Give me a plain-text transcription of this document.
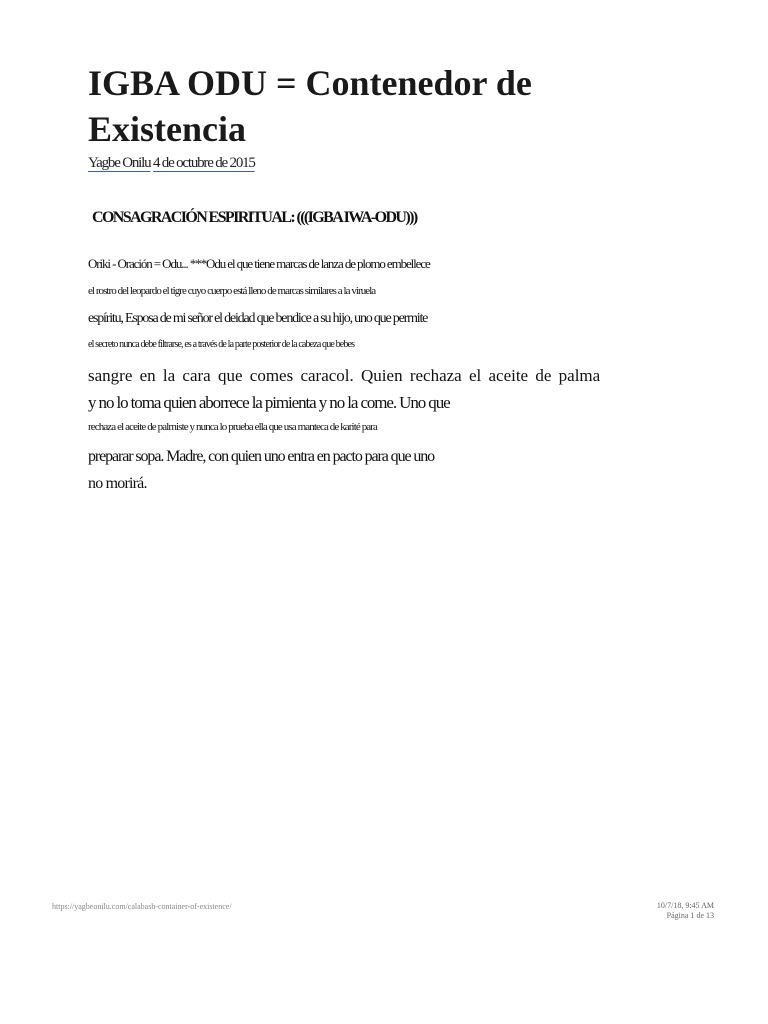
IGBA ODU = Contenedor de Existencia
Yagbe Onilu 4 de octubre de 2015
CONSAGRACIÓN ESPIRITUAL: (((IGBA IWA-ODU)))
Oriki - Oración = Odu... ***Odu el que tiene marcas de lanza de plomo embellece
el rostro del leopardo el tigre cuyo cuerpo está lleno de marcas similares a la viruela
espíritu, Esposa de mi señor el deidad que bendice a su hijo, uno que permite
el secreto nunca debe filtrarse, es a través de la parte posterior de la cabeza que bebes
sangre en la cara que comes caracol. Quien rechaza el aceite de palma
y no lo toma quien aborrece la pimienta y no la come. Uno que
rechaza el aceite de palmiste y nunca lo prueba ella que usa manteca de karité para
preparar sopa. Madre, con quien uno entra en pacto para que uno
no morirá.
https://yagbeonilu.com/calabash-container-of-existence/	10/7/18, 9:45 AM
Página 1 de 13
